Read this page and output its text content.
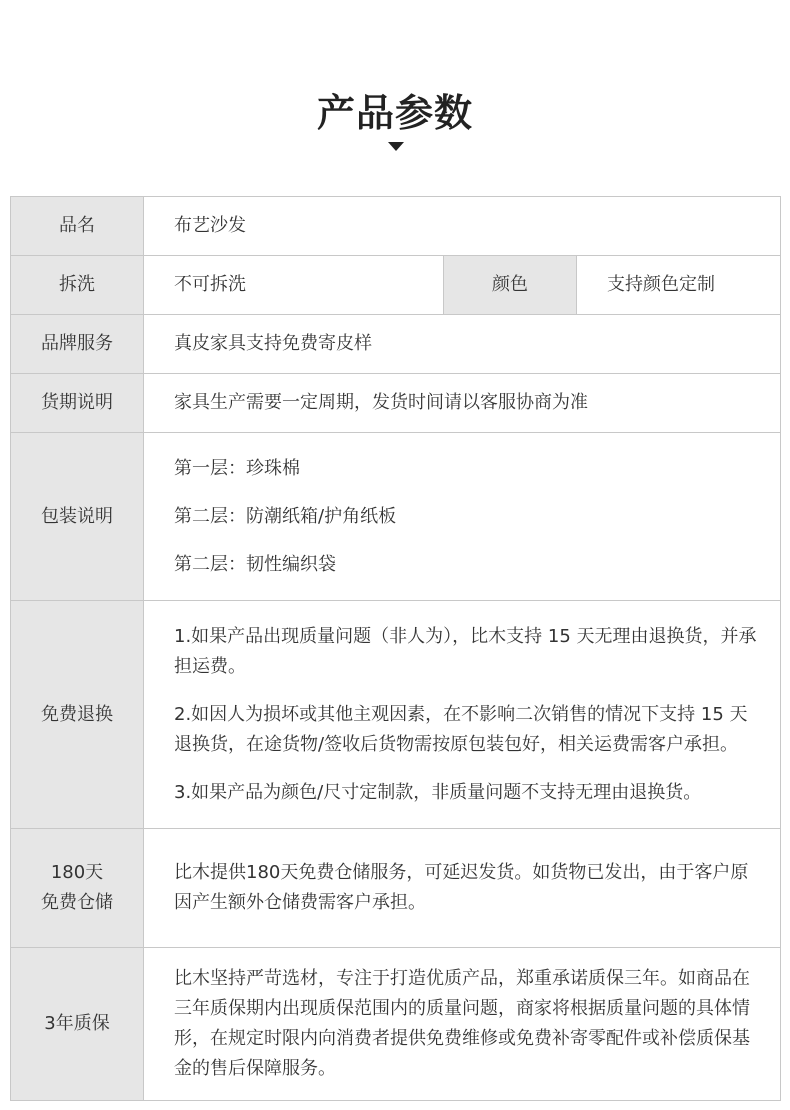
产品参数
品名	布艺沙发		
拆洗	不可拆洗	颜色	支持颜色定制
品牌服务	真皮家具支持免费寄皮样		
货期说明	家具生产需要一定周期，发货时间请以客服协商为准		
包装说明	第一层：珍珠棉
第二层：防潮纸箱/护角纸板
第二层：韧性编织袋		

免费退换	1.如果产品出现质量问题（非人为），比木支持 15 天无理由退换货，并承担运费。

2.如因人为损坏或其他主观因素，在不影响二次销售的情况下支持 15 天退换货，在途货物/签收后货物需按原包装包好，相关运费需客户承担。

3.如果产品为颜色/尺寸定制款，非质量问题不支持无理由退换货。		

180天
免费仓储	比木提供180天免费仓储服务，可延迟发货。如货物已发出，由于客户原因产生额外仓储费需客户承担。		
3年质保	比木坚持严苛选材，专注于打造优质产品，郑重承诺质保三年。如商品在三年质保期内出现质保范围内的质量问题，商家将根据质量问题的具体情形，在规定时限内向消费者提供免费维修或免费补寄零配件或补偿质保基金的售后保障服务。		
